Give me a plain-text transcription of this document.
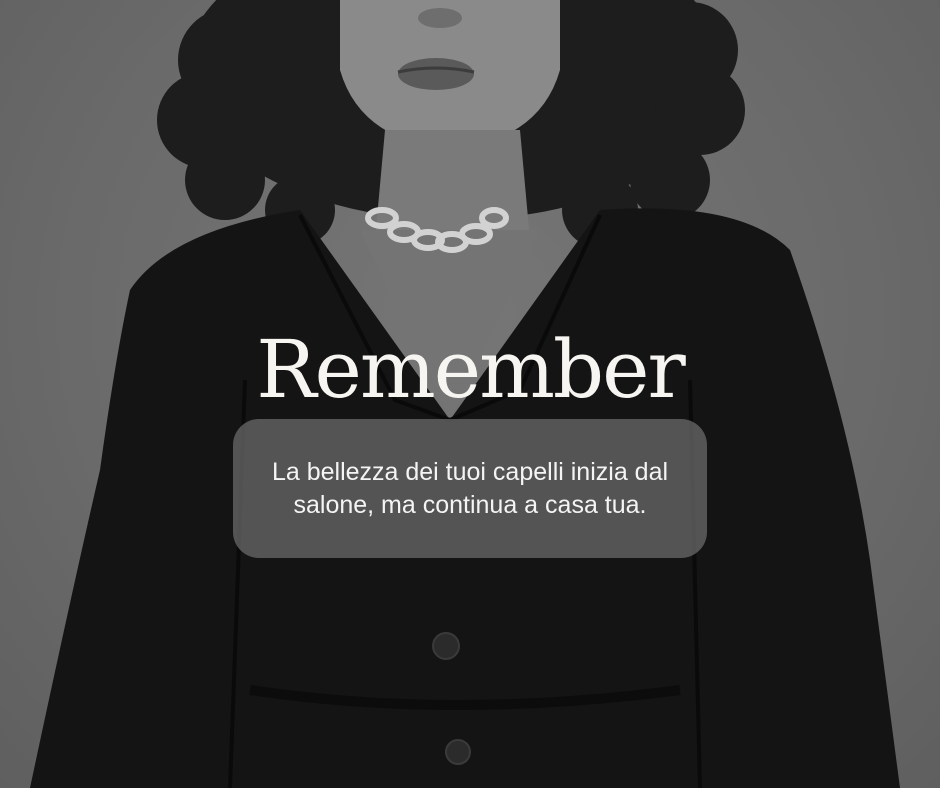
Remember

La bellezza dei tuoi capelli inizia dal salone, ma continua a casa tua.
